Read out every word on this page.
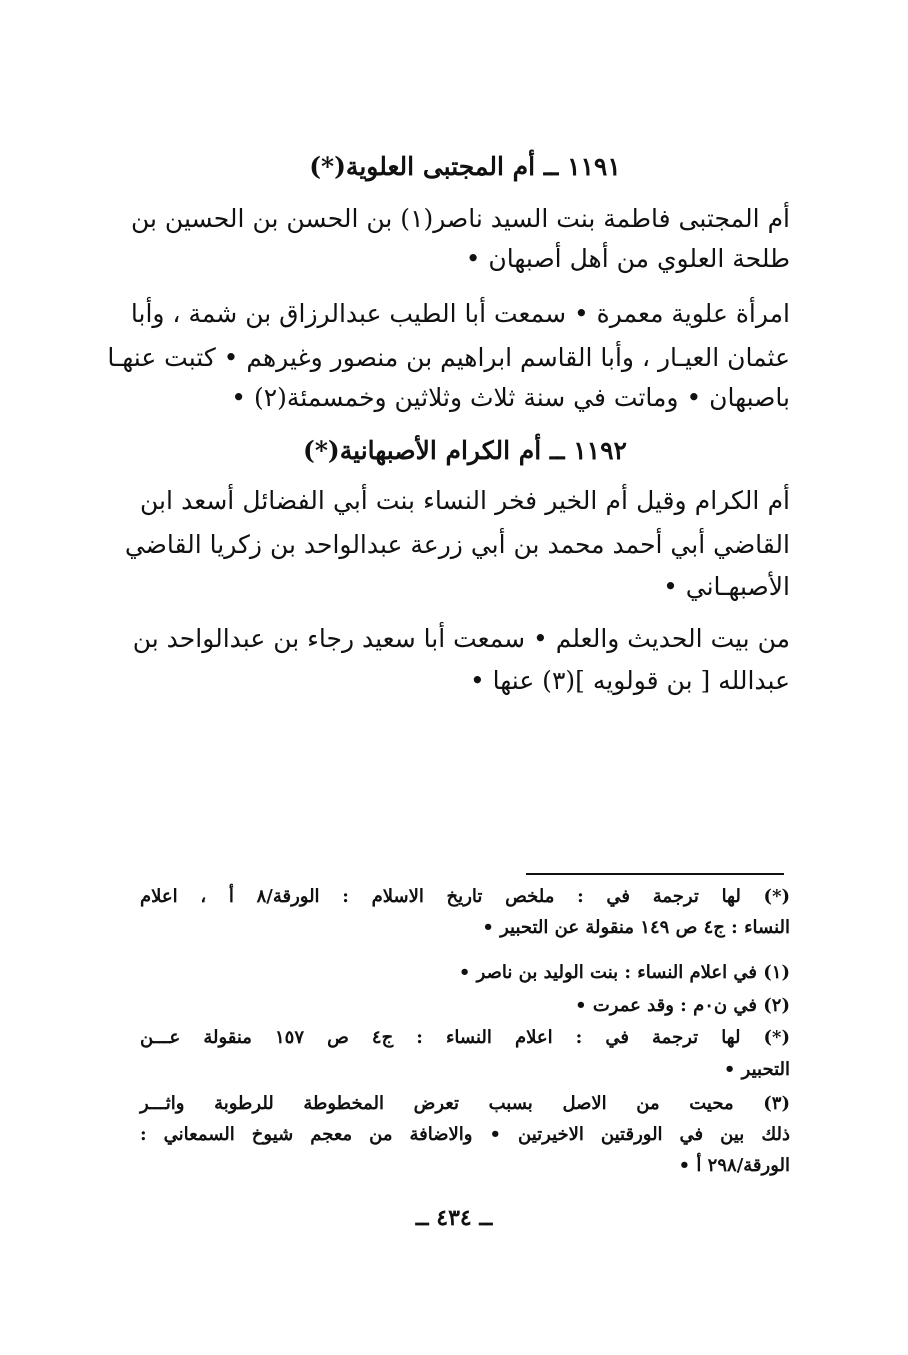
١١٩١ ــ أم المجتبى العلوية(*)
أم المجتبى فاطمة بنت السيد ناصر(١) بن الحسن بن الحسين بن
طلحة العلوي من أهل أصبهان •
امرأة علوية معمرة • سمعت أبا الطيب عبدالرزاق بن شمة ، وأبا
عثمان العيـار ، وأبا القاسم ابراهيم بن منصور وغيرهم • كتبت عنهـا
باصبهان • وماتت في سنة ثلاث وثلاثين وخمسمئة(٢) •
١١٩٢ ــ أم الكرام الأصبهانية(*)
أم الكرام وقيل أم الخير فخر النساء بنت أبي الفضائل أسعد ابن
القاضي أبي أحمد محمد بن أبي زرعة عبدالواحد بن زكريا القاضي
الأصبهـاني •
من بيت الحديث والعلم • سمعت أبا سعيد رجاء بن عبدالواحد بن
عبدالله [ بن قولويه ](٣) عنها •
(*) لها ترجمة في : ملخص تاريخ الاسلام : الورقة/٨ أ ، اعلام
النساء : ج٤ ص ١٤٩ منقولة عن التحبير •
(١) في اعلام النساء : بنت الوليد بن ناصر •
(٢) في ن٠م : وقد عمرت •
(*) لها ترجمة في : اعلام النساء : ج٤ ص ١٥٧ منقولة عـــن
التحبير •
(٣) محيت من الاصل بسبب تعرض المخطوطة للرطوبة واثـــر
ذلك بين في الورقتين الاخيرتين • والاضافة من معجم شيوخ السمعاني :
الورقة/٢٩٨ أ •
ــ ٤٣٤ ــ
